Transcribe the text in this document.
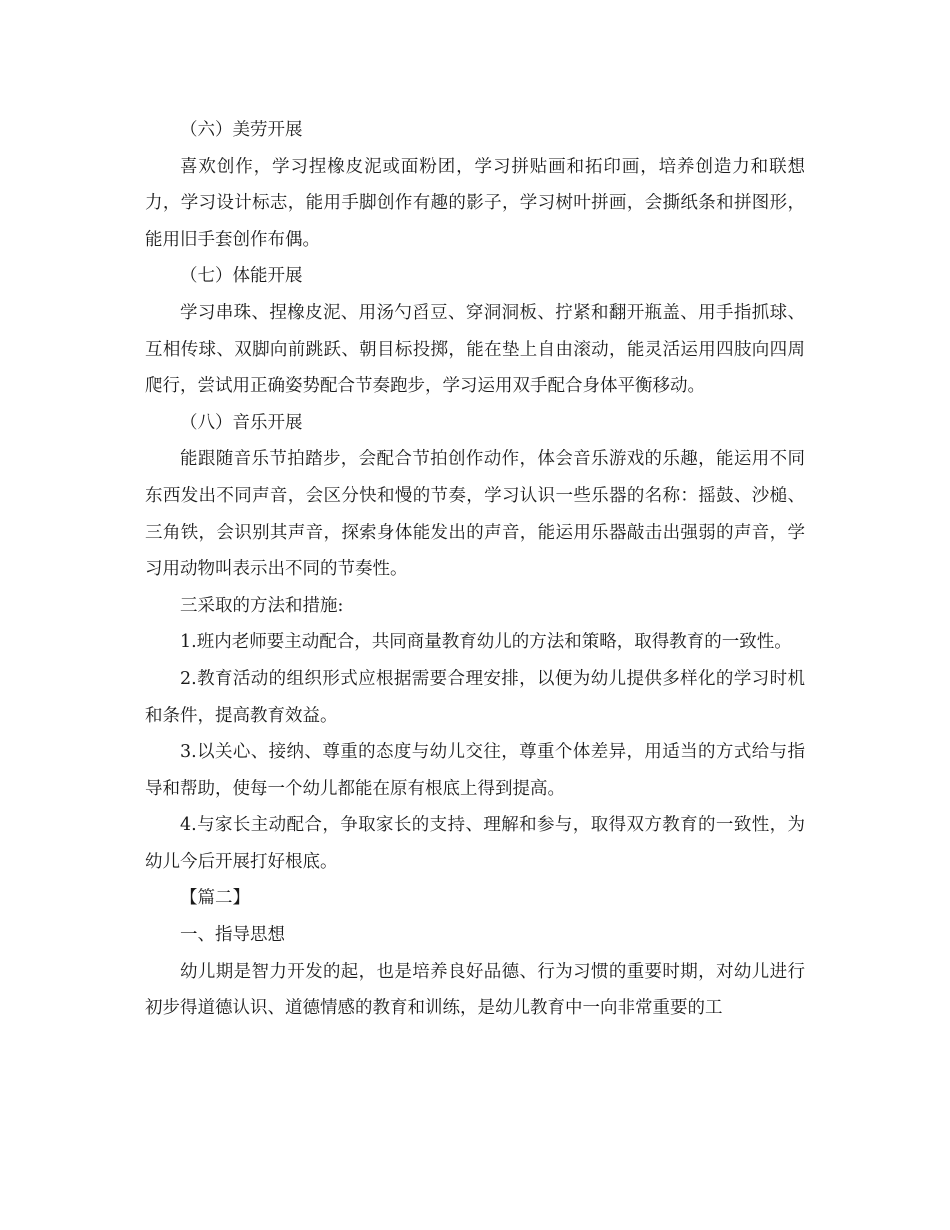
（六）美劳开展

喜欢创作，学习捏橡皮泥或面粉团，学习拼贴画和拓印画，培养创造力和联想力，学习设计标志，能用手脚创作有趣的影子，学习树叶拼画，会撕纸条和拼图形，能用旧手套创作布偶。

（七）体能开展

学习串珠、捏橡皮泥、用汤勺舀豆、穿洞洞板、拧紧和翻开瓶盖、用手指抓球、互相传球、双脚向前跳跃、朝目标投掷，能在垫上自由滚动，能灵活运用四肢向四周爬行，尝试用正确姿势配合节奏跑步，学习运用双手配合身体平衡移动。

（八）音乐开展

能跟随音乐节拍踏步，会配合节拍创作动作，体会音乐游戏的乐趣，能运用不同东西发出不同声音，会区分快和慢的节奏，学习认识一些乐器的名称：摇鼓、沙槌、三角铁，会识别其声音，探索身体能发出的声音，能运用乐器敲击出强弱的声音，学习用动物叫表示出不同的节奏性。

三采取的方法和措施:

1.班内老师要主动配合，共同商量教育幼儿的方法和策略，取得教育的一致性。

2.教育活动的组织形式应根据需要合理安排，以便为幼儿提供多样化的学习时机和条件，提高教育效益。

3.以关心、接纳、尊重的态度与幼儿交往，尊重个体差异，用适当的方式给与指导和帮助，使每一个幼儿都能在原有根底上得到提高。

4.与家长主动配合，争取家长的支持、理解和参与，取得双方教育的一致性，为幼儿今后开展打好根底。

【篇二】

一、指导思想

幼儿期是智力开发的起，也是培养良好品德、行为习惯的重要时期，对幼儿进行初步得道德认识、道德情感的教育和训练，是幼儿教育中一向非常重要的工
